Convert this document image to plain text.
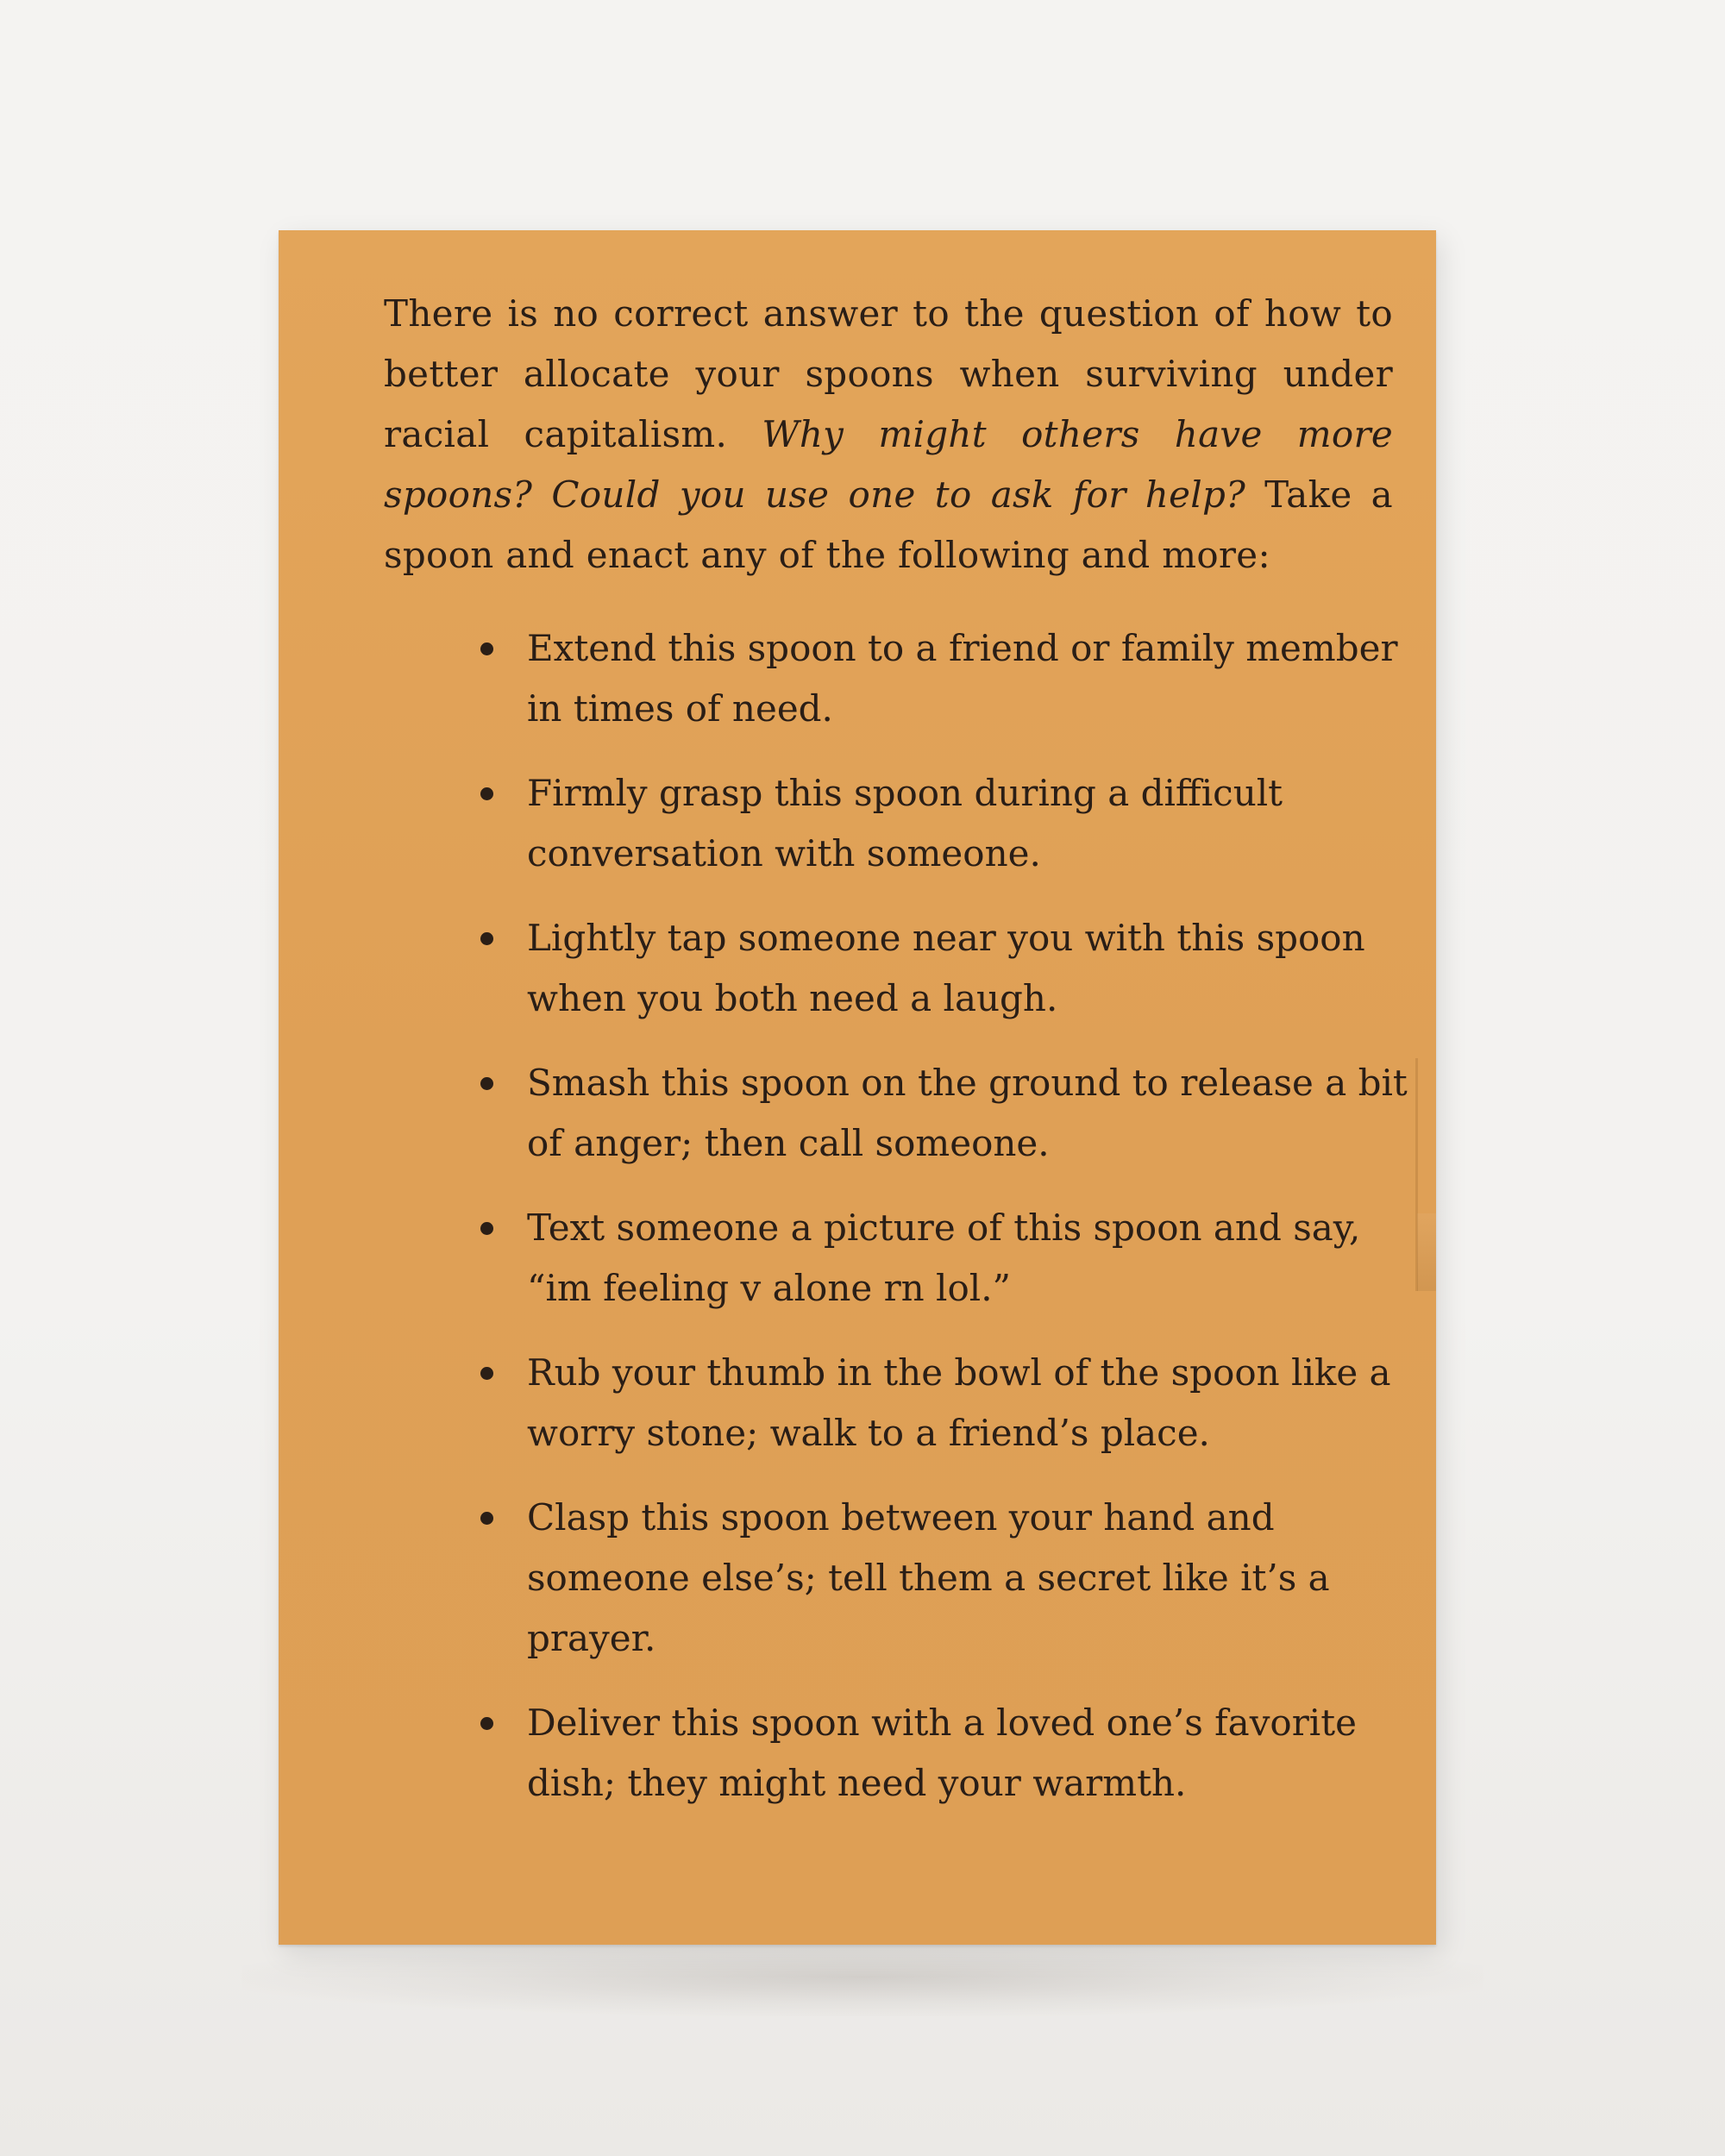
There is no correct answer to the question of how to better allocate your spoons when surviving under racial capitalism. Why might others have more spoons? Could you use one to ask for help? Take a spoon and enact any of the following and more:

Extend this spoon to a friend or family member in times of need.
Firmly grasp this spoon during a difficult conversation with someone.
Lightly tap someone near you with this spoon when you both need a laugh.
Smash this spoon on the ground to release a bit of anger; then call someone.
Text someone a picture of this spoon and say, “im feeling v alone rn lol.”
Rub your thumb in the bowl of the spoon like a worry stone; walk to a friend’s place.
Clasp this spoon between your hand and someone else’s; tell them a secret like it’s a prayer.
Deliver this spoon with a loved one’s favorite dish; they might need your warmth.
